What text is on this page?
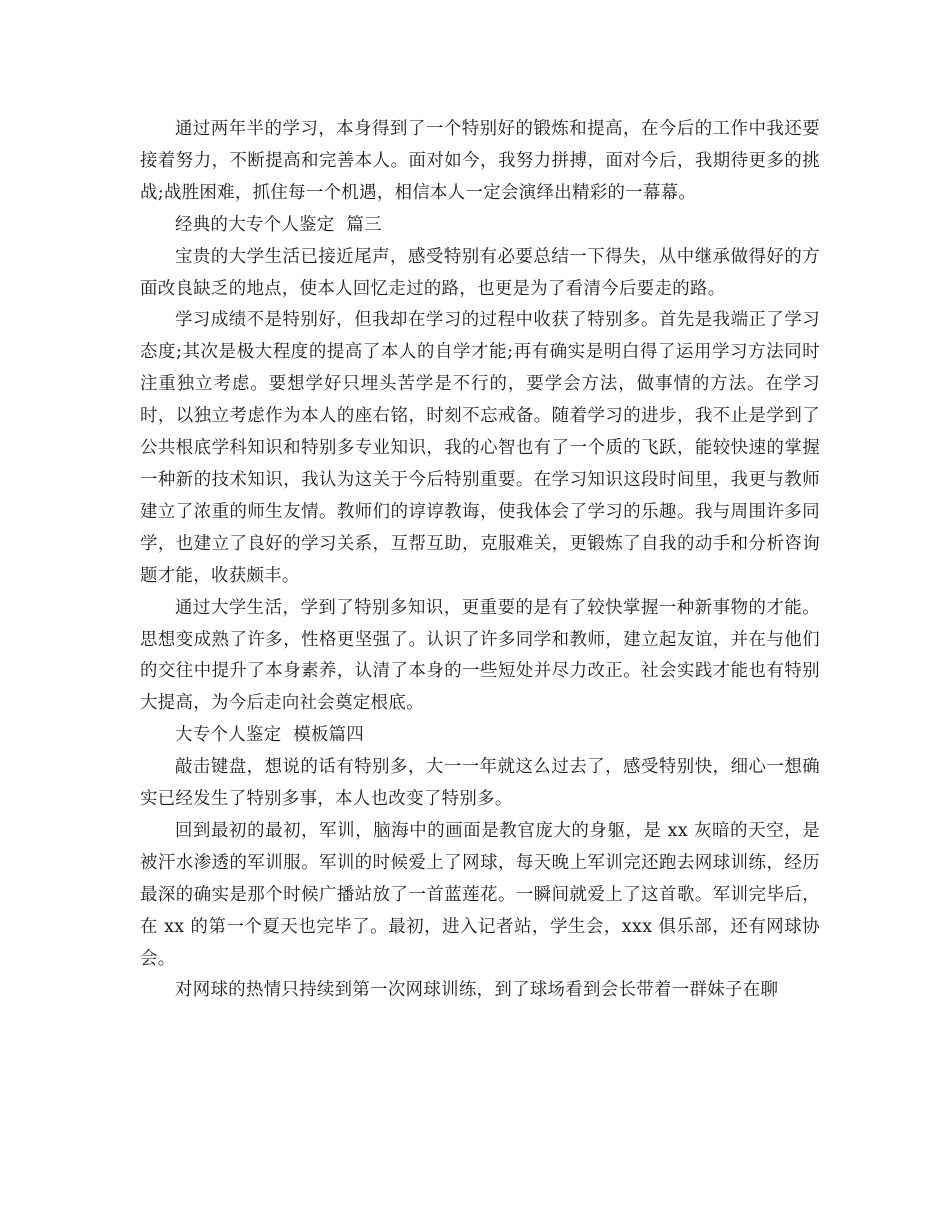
通过两年半的学习，本身得到了一个特别好的锻炼和提高，在今后的工作中我还要接着努力，不断提高和完善本人。面对如今，我努力拼搏，面对今后，我期待更多的挑战;战胜困难，抓住每一个机遇，相信本人一定会演绎出精彩的一幕幕。

经典的大专个人鉴定  篇三

宝贵的大学生活已接近尾声，感受特别有必要总结一下得失，从中继承做得好的方面改良缺乏的地点，使本人回忆走过的路，也更是为了看清今后要走的路。

学习成绩不是特别好，但我却在学习的过程中收获了特别多。首先是我端正了学习态度;其次是极大程度的提高了本人的自学才能;再有确实是明白得了运用学习方法同时注重独立考虑。要想学好只埋头苦学是不行的，要学会方法，做事情的方法。在学习时，以独立考虑作为本人的座右铭，时刻不忘戒备。随着学习的进步，我不止是学到了公共根底学科知识和特别多专业知识，我的心智也有了一个质的飞跃，能较快速的掌握一种新的技术知识，我认为这关于今后特别重要。在学习知识这段时间里，我更与教师建立了浓重的师生友情。教师们的谆谆教诲，使我体会了学习的乐趣。我与周围许多同学，也建立了良好的学习关系，互帮互助，克服难关，更锻炼了自我的动手和分析咨询题才能，收获颇丰。

通过大学生活，学到了特别多知识，更重要的是有了较快掌握一种新事物的才能。思想变成熟了许多，性格更坚强了。认识了许多同学和教师，建立起友谊，并在与他们的交往中提升了本身素养，认清了本身的一些短处并尽力改正。社会实践才能也有特别大提高，为今后走向社会奠定根底。

大专个人鉴定  模板篇四

敲击键盘，想说的话有特别多，大一一年就这么过去了，感受特别快，细心一想确实已经发生了特别多事，本人也改变了特别多。

回到最初的最初，军训，脑海中的画面是教官庞大的身躯，是 xx 灰暗的天空，是被汗水渗透的军训服。军训的时候爱上了网球，每天晚上军训完还跑去网球训练，经历最深的确实是那个时候广播站放了一首蓝莲花。一瞬间就爱上了这首歌。军训完毕后，在 xx 的第一个夏天也完毕了。最初，进入记者站，学生会，xxx 俱乐部，还有网球协会。

对网球的热情只持续到第一次网球训练，到了球场看到会长带着一群妹子在聊
